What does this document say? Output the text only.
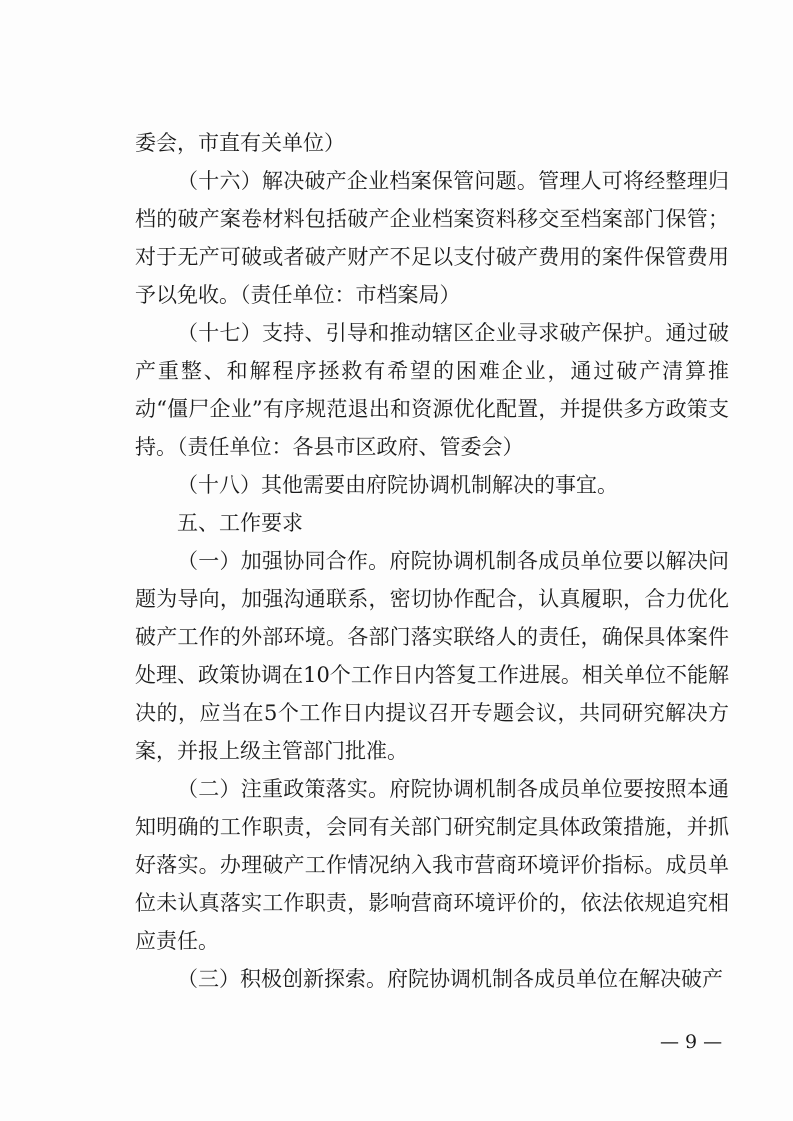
委会，市直有关单位）

（十六）解决破产企业档案保管问题。管理人可将经整理归档的破产案卷材料包括破产企业档案资料移交至档案部门保管；对于无产可破或者破产财产不足以支付破产费用的案件保管费用予以免收。（责任单位：市档案局）

（十七）支持、引导和推动辖区企业寻求破产保护。通过破产重整、和解程序拯救有希望的困难企业，通过破产清算推动“僵尸企业”有序规范退出和资源优化配置，并提供多方政策支持。（责任单位：各县市区政府、管委会）

（十八）其他需要由府院协调机制解决的事宜。

五、工作要求

（一）加强协同合作。府院协调机制各成员单位要以解决问题为导向，加强沟通联系，密切协作配合，认真履职，合力优化破产工作的外部环境。各部门落实联络人的责任，确保具体案件处理、政策协调在10个工作日内答复工作进展。相关单位不能解决的，应当在5个工作日内提议召开专题会议，共同研究解决方案，并报上级主管部门批准。

（二）注重政策落实。府院协调机制各成员单位要按照本通知明确的工作职责，会同有关部门研究制定具体政策措施，并抓好落实。办理破产工作情况纳入我市营商环境评价指标。成员单位未认真落实工作职责，影响营商环境评价的，依法依规追究相应责任。

（三）积极创新探索。府院协调机制各成员单位在解决破产

— 9 —
